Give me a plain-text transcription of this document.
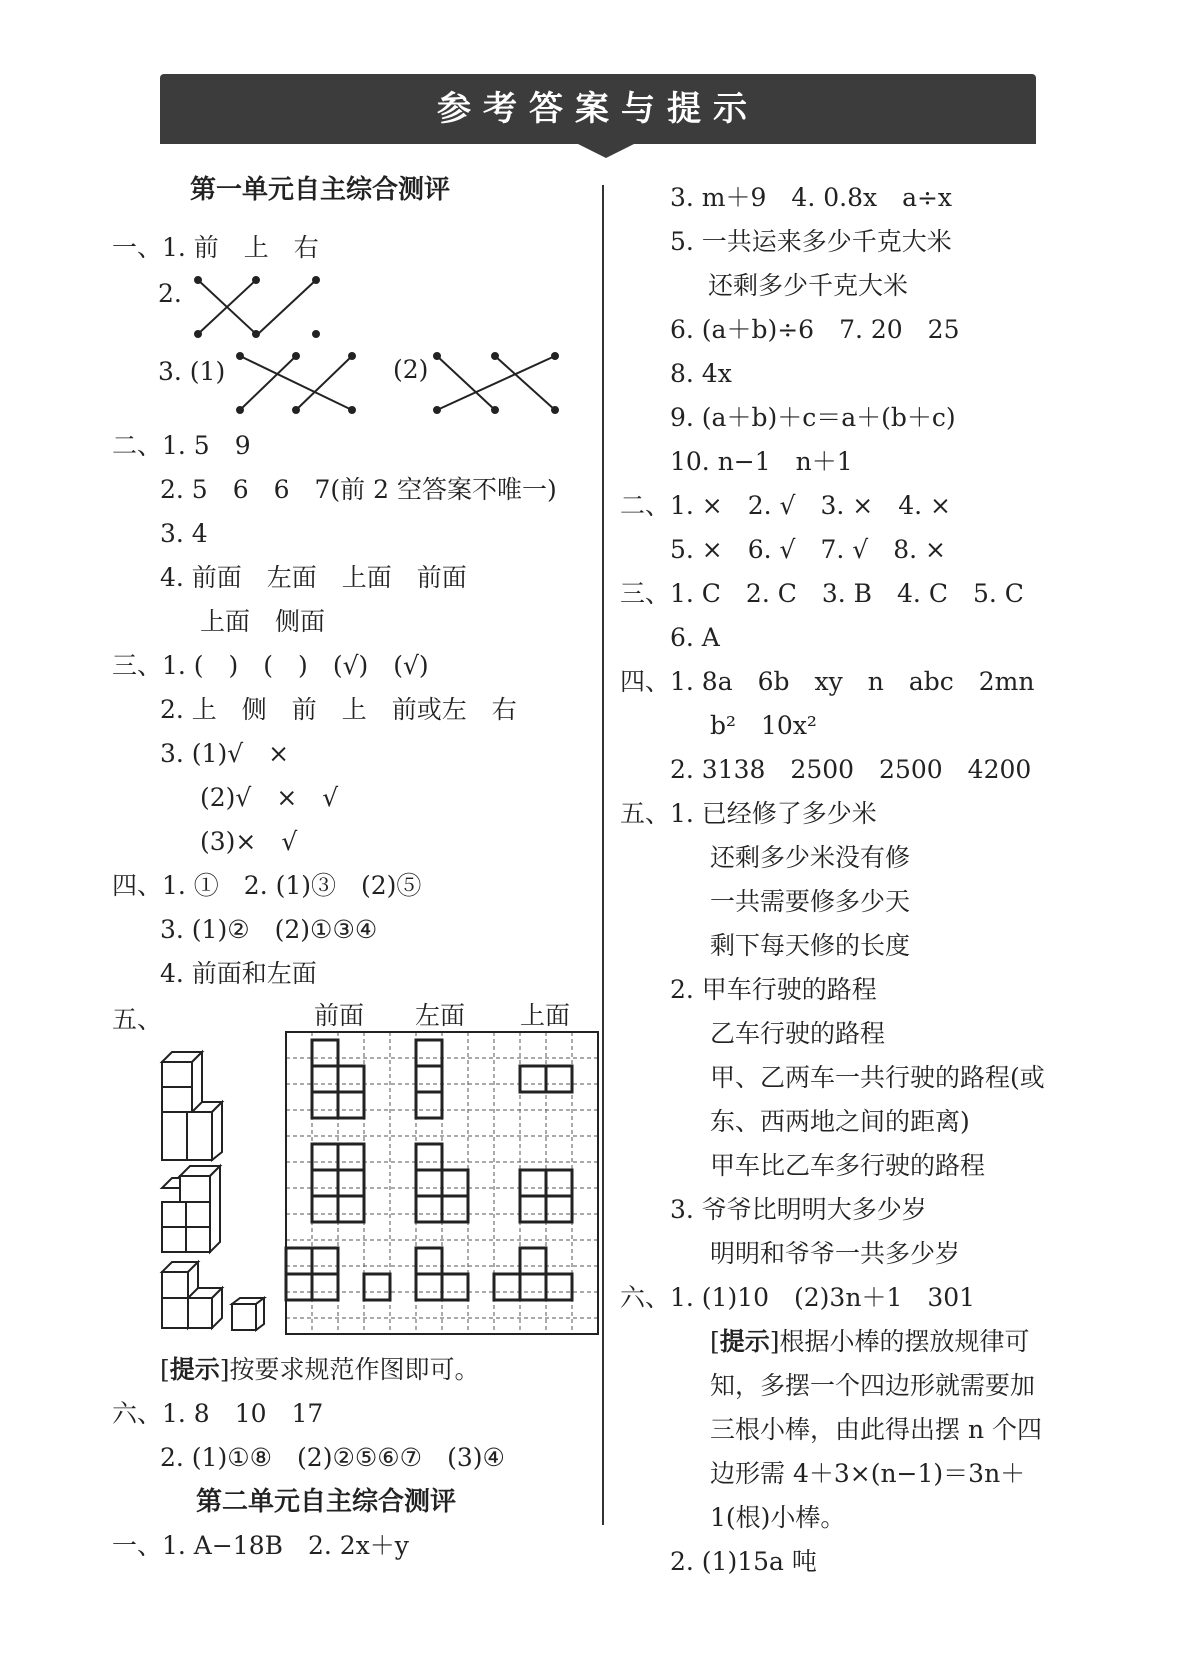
参考答案与提示
第一单元自主综合测评
一、1. 前　上　右
2.
3. (1)	(2)
二、1. 5　9
2. 5　6　6　7(前 2 空答案不唯一)
3. 4
4. 前面　左面　上面　前面
上面　侧面
三、1. (　)　(　)　(√)　(√)
2. 上　侧　前　上　前或左　右
3. (1)√　×
(2)√　×　√
(3)×　√
四、1. ①　2. (1)③　(2)⑤
3. (1)②　(2)①③④
4. 前面和左面
五、	前面 左面 上面
[提示]按要求规范作图即可。
六、1. 8　10　17
2. (1)①⑧　(2)②⑤⑥⑦　(3)④
第二单元自主综合测评
一、1. A−18B　2. 2x＋y
3. m＋9　4. 0.8x　a÷x
5. 一共运来多少千克大米
还剩多少千克大米
6. (a＋b)÷6　7. 20　25
8. 4x
9. (a＋b)＋c＝a＋(b＋c)
10. n−1　n＋1
二、1. ×　2. √　3. ×　4. ×
5. ×　6. √　7. √　8. ×
三、1. C　2. C　3. B　4. C　5. C
6. A
四、1. 8a　6b　xy　n　abc　2mn
b²　10x²
2. 3138　2500　2500　4200
五、1. 已经修了多少米
还剩多少米没有修
一共需要修多少天
剩下每天修的长度
2. 甲车行驶的路程
乙车行驶的路程
甲、乙两车一共行驶的路程(或
东、西两地之间的距离)
甲车比乙车多行驶的路程
3. 爷爷比明明大多少岁
明明和爷爷一共多少岁
六、1. (1)10　(2)3n＋1　301
[提示]根据小棒的摆放规律可
知，多摆一个四边形就需要加
三根小棒，由此得出摆 n 个四
边形需 4＋3×(n−1)＝3n＋
1(根)小棒。
2. (1)15a 吨
